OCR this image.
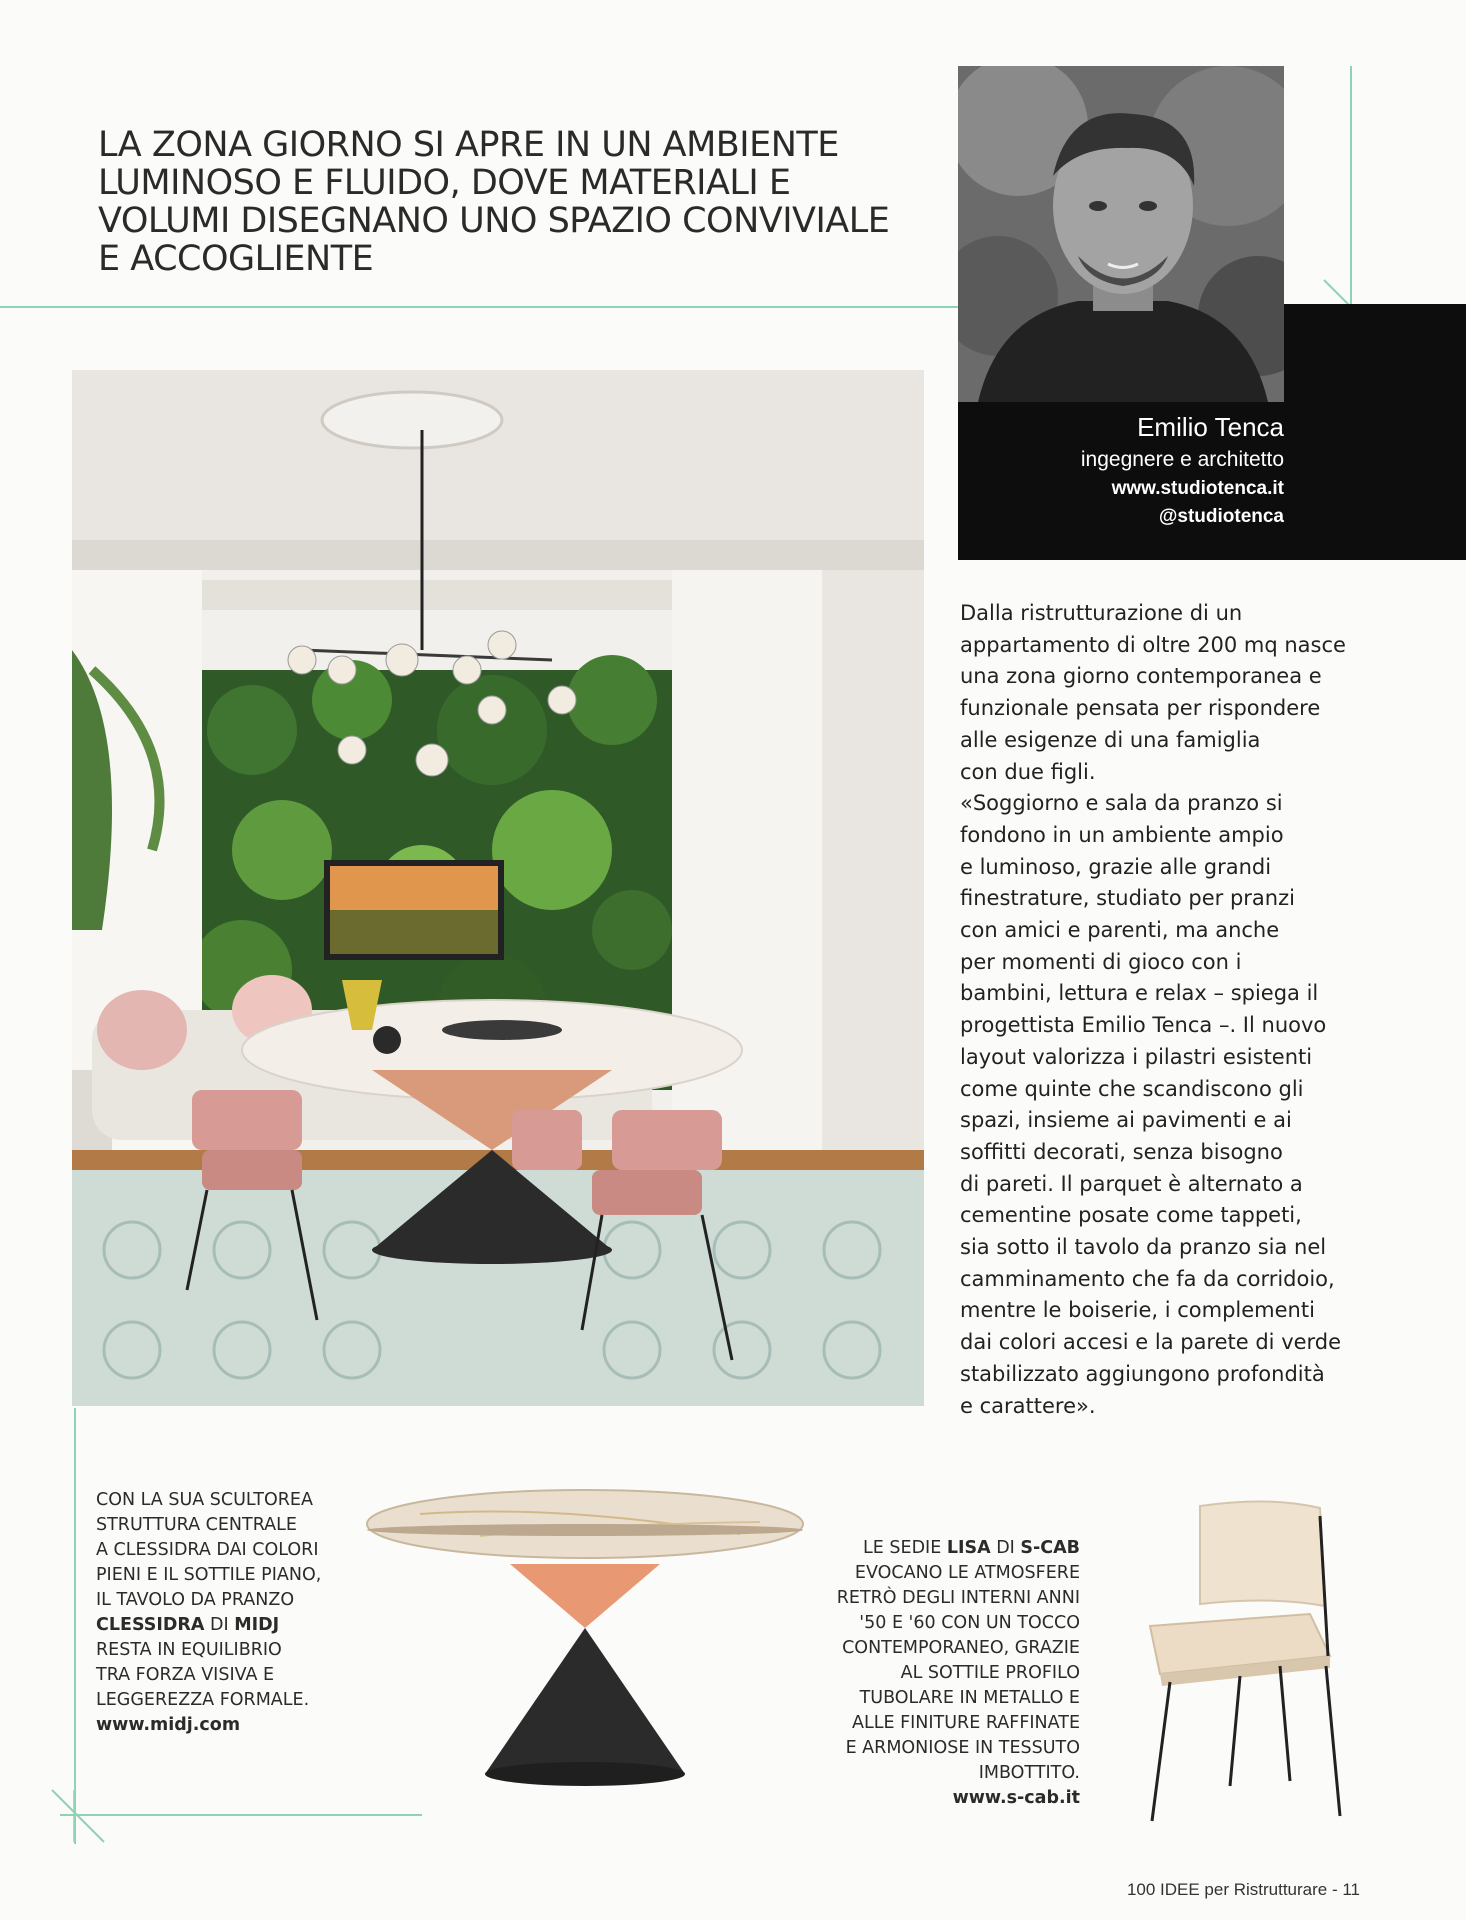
LA ZONA GIORNO SI APRE IN UN AMBIENTE
LUMINOSO E FLUIDO, DOVE MATERIALI E
VOLUMI DISEGNANO UNO SPAZIO CONVIVIALE
E ACCOGLIENTE
Emilio Tenca
ingegnere e architetto
www.studiotenca.it
@studiotenca
Dalla ristrutturazione di un
appartamento di oltre 200 mq nasce
una zona giorno contemporanea e
funzionale pensata per rispondere
alle esigenze di una famiglia
con due figli.
«Soggiorno e sala da pranzo si
fondono in un ambiente ampio
e luminoso, grazie alle grandi
finestrature, studiato per pranzi
con amici e parenti, ma anche
per momenti di gioco con i
bambini, lettura e relax – spiega il
progettista Emilio Tenca –. Il nuovo
layout valorizza i pilastri esistenti
come quinte che scandiscono gli
spazi, insieme ai pavimenti e ai
soffitti decorati, senza bisogno
di pareti. Il parquet è alternato a
cementine posate come tappeti,
sia sotto il tavolo da pranzo sia nel
camminamento che fa da corridoio,
mentre le boiserie, i complementi
dai colori accesi e la parete di verde
stabilizzato aggiungono profondità
e carattere».
CON LA SUA SCULTOREA
STRUTTURA CENTRALE
A CLESSIDRA DAI COLORI
PIENI E IL SOTTILE PIANO,
IL TAVOLO DA PRANZO
CLESSIDRA DI MIDJ
RESTA IN EQUILIBRIO
TRA FORZA VISIVA E
LEGGEREZZA FORMALE.
www.midj.com
LE SEDIE LISA DI S-CAB
EVOCANO LE ATMOSFERE
RETRÒ DEGLI INTERNI ANNI
'50 E '60 CON UN TOCCO
CONTEMPORANEO, GRAZIE
AL SOTTILE PROFILO
TUBOLARE IN METALLO E
ALLE FINITURE RAFFINATE
E ARMONIOSE IN TESSUTO
IMBOTTITO.
www.s-cab.it
100 IDEE per Ristrutturare - 11
